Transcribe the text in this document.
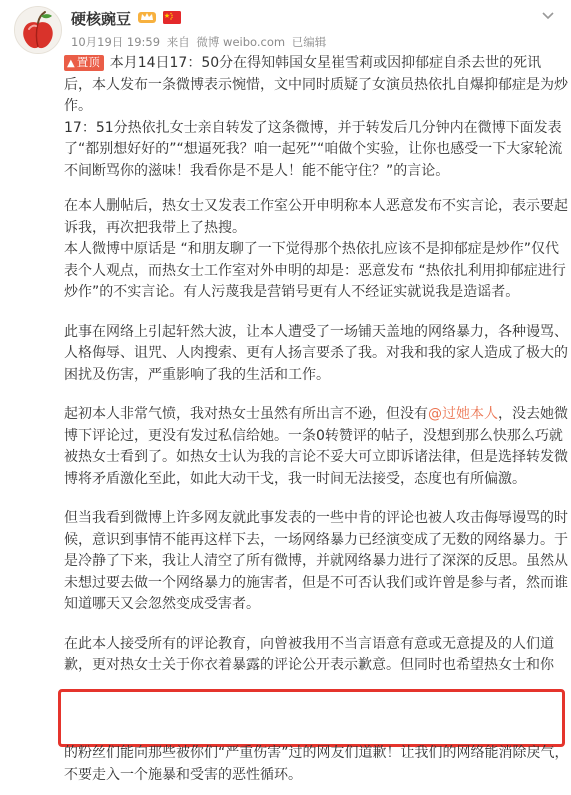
硬核豌豆
10月19日 19:59 来自 微博 weibo.com 已编辑

▲ 置顶 本月14日17：50分在得知韩国女星崔雪莉或因抑郁症自杀去世的死讯后，本人发布一条微博表示惋惜，文中同时质疑了女演员热依扎自爆抑郁症是为炒作。

17：51分热依扎女士亲自转发了这条微博，并于转发后几分钟内在微博下面发表了“都别想好好的”“想逼死我？咱一起死”“咱做个实验，让你也感受一下大家轮流不间断骂你的滋味！我看你是不是人！能不能守住？”的言论。

在本人删帖后，热女士又发表工作室公开申明称本人恶意发布不实言论，表示要起诉我，再次把我带上了热搜。

本人微博中原话是 “和朋友聊了一下觉得那个热依扎应该不是抑郁症是炒作”仅代表个人观点，而热女士工作室对外申明的却是：恶意发布 “热依扎利用抑郁症进行炒作”的不实言论。有人污蔑我是营销号更有人不经证实就说我是造谣者。

此事在网络上引起轩然大波，让本人遭受了一场铺天盖地的网络暴力，各种谩骂、人格侮辱、诅咒、人肉搜索、更有人扬言要杀了我。对我和我的家人造成了极大的困扰及伤害，严重影响了我的生活和工作。

起初本人非常气愤，我对热女士虽然有所出言不逊，但没有@过她本人，没去她微博下评论过，更没有发过私信给她。一条0转赞评的帖子，没想到那么快那么巧就被热女士看到了。如热女士认为我的言论不妥大可立即诉诸法律，但是选择转发微博将矛盾激化至此，如此大动干戈，我一时间无法接受，态度也有所偏激。

但当我看到微博上许多网友就此事发表的一些中肯的评论也被人攻击侮辱谩骂的时候，意识到事情不能再这样下去，一场网络暴力已经演变成了无数的网络暴力。于是冷静了下来，我让人清空了所有微博，并就网络暴力进行了深深的反思。虽然从未想过要去做一个网络暴力的施害者，但是不可否认我们或许曾是参与者，然而谁知道哪天又会忽然变成受害者。

在此本人接受所有的评论教育，向曾被我用不当言语意有意或无意提及的人们道歉，更对热女士关于你衣着暴露的评论公开表示歉意。但同时也希望热女士和你

的粉丝们能向那些被你们“严重伤害”过的网友们道歉！让我们的网络能消除戾气，不要走入一个施暴和受害的恶性循环。
